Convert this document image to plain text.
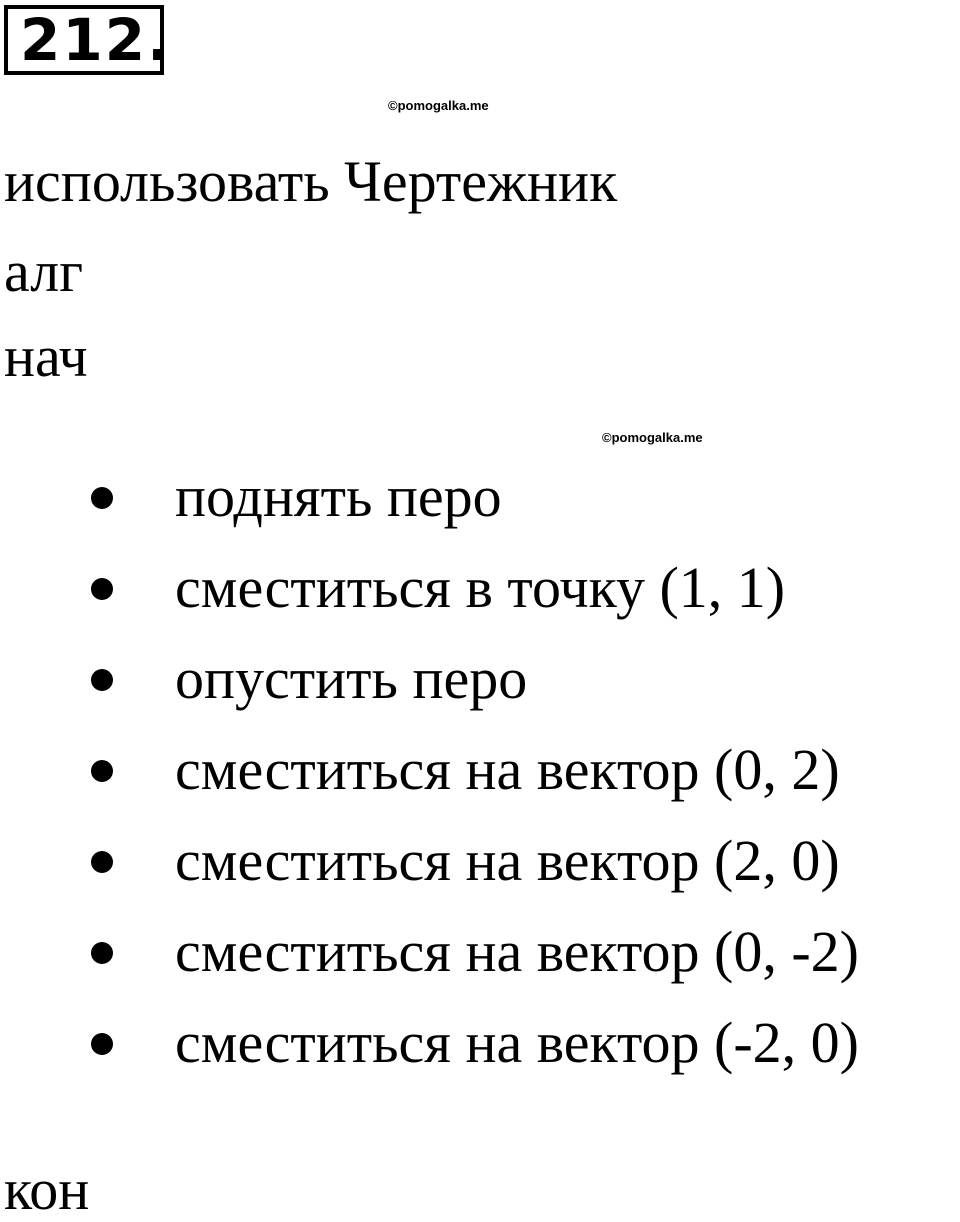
212.
©pomogalka.me
использовать Чертежник
алг
нач
©pomogalka.me
поднять перо
сместиться в точку (1, 1)
опустить перо
сместиться на вектор (0, 2)
сместиться на вектор (2, 0)
сместиться на вектор (0, -2)
сместиться на вектор (-2, 0)
кон
